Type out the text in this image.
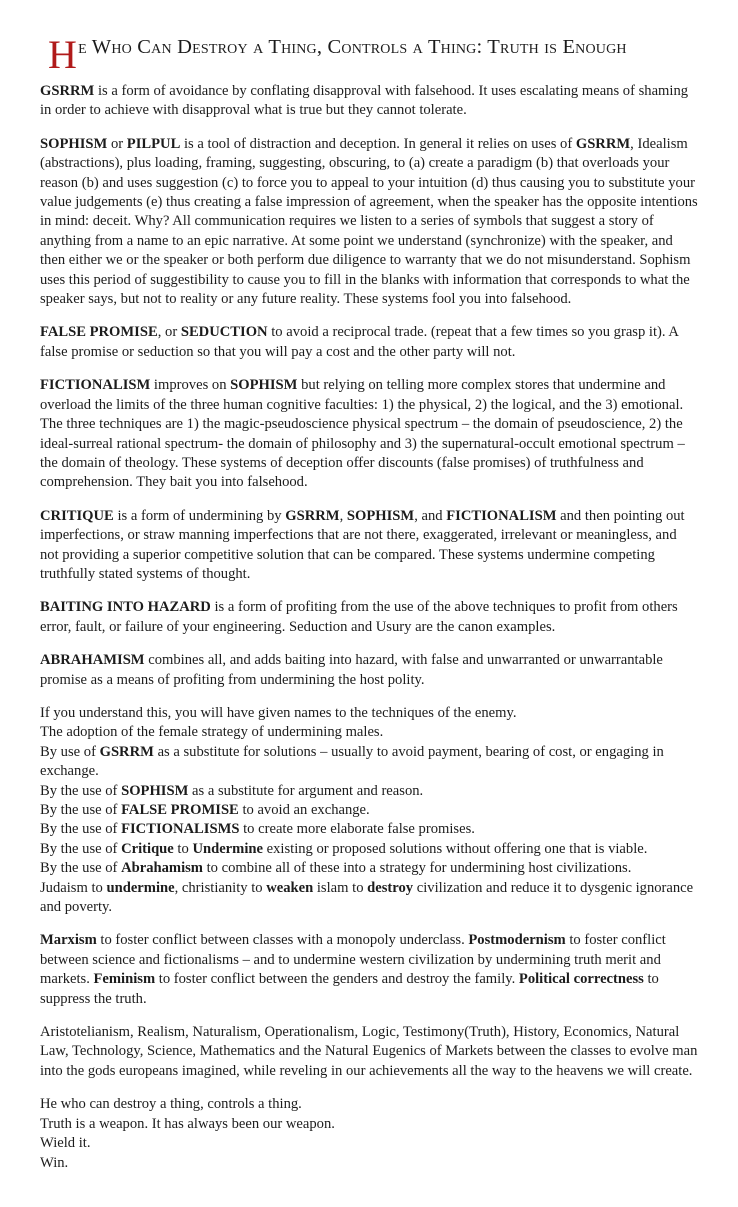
He Who Can Destroy a Thing, Controls a Thing: Truth is Enough

GSRRM is a form of avoidance by conflating disapproval with falsehood. It uses escalating means of shaming in order to achieve with disapproval what is true but they cannot tolerate.

SOPHISM or PILPUL is a tool of distraction and deception. In general it relies on uses of GSRRM, Idealism (abstractions), plus loading, framing, suggesting, obscuring, to (a) create a paradigm (b) that overloads your reason (b) and uses suggestion (c) to force you to appeal to your intuition (d) thus causing you to substitute your value judgements (e) thus creating a false impression of agreement, when the speaker has the opposite intentions in mind: deceit. Why? All communication requires we listen to a series of symbols that suggest a story of anything from a name to an epic narrative. At some point we understand (synchronize) with the speaker, and then either we or the speaker or both perform due diligence to warranty that we do not misunderstand. Sophism uses this period of suggestibility to cause you to fill in the blanks with information that corresponds to what the speaker says, but not to reality or any future reality. These systems fool you into falsehood.

FALSE PROMISE, or SEDUCTION to avoid a reciprocal trade. (repeat that a few times so you grasp it). A false promise or seduction so that you will pay a cost and the other party will not.

FICTIONALISM improves on SOPHISM but relying on telling more complex stores that undermine and overload the limits of the three human cognitive faculties: 1) the physical, 2) the logical, and the 3) emotional. The three techniques are 1) the magic-pseudoscience physical spectrum – the domain of pseudoscience, 2) the ideal-surreal rational spectrum- the domain of philosophy and 3) the supernatural-occult emotional spectrum – the domain of theology. These systems of deception offer discounts (false promises) of truthfulness and comprehension. They bait you into falsehood.

CRITIQUE is a form of undermining by GSRRM, SOPHISM, and FICTIONALISM and then pointing out imperfections, or straw manning imperfections that are not there, exaggerated, irrelevant or meaningless, and not providing a superior competitive solution that can be compared. These systems undermine competing truthfully stated systems of thought.

BAITING INTO HAZARD is a form of profiting from the use of the above techniques to profit from others error, fault, or failure of your engineering. Seduction and Usury are the canon examples.

ABRAHAMISM combines all, and adds baiting into hazard, with false and unwarranted or unwarrantable promise as a means of profiting from undermining the host polity.

If you understand this, you will have given names to the techniques of the enemy.

The adoption of the female strategy of undermining males.

By use of GSRRM as a substitute for solutions – usually to avoid payment, bearing of cost, or engaging in exchange.

By the use of SOPHISM as a substitute for argument and reason.

By the use of FALSE PROMISE to avoid an exchange.

By the use of FICTIONALISMS to create more elaborate false promises.

By the use of Critique to Undermine existing or proposed solutions without offering one that is viable.

By the use of Abrahamism to combine all of these into a strategy for undermining host civilizations.

Judaism to undermine, christianity to weaken islam to destroy civilization and reduce it to dysgenic ignorance and poverty.

Marxism to foster conflict between classes with a monopoly underclass. Postmodernism to foster conflict between science and fictionalisms – and to undermine western civilization by undermining truth merit and markets. Feminism to foster conflict between the genders and destroy the family. Political correctness to suppress the truth.

Aristotelianism, Realism, Naturalism, Operationalism, Logic, Testimony(Truth), History, Economics, Natural Law, Technology, Science, Mathematics and the Natural Eugenics of Markets between the classes to evolve man into the gods europeans imagined, while reveling in our achievements all the way to the heavens we will create.

He who can destroy a thing, controls a thing.

Truth is a weapon. It has always been our weapon.

Wield it.

Win.
